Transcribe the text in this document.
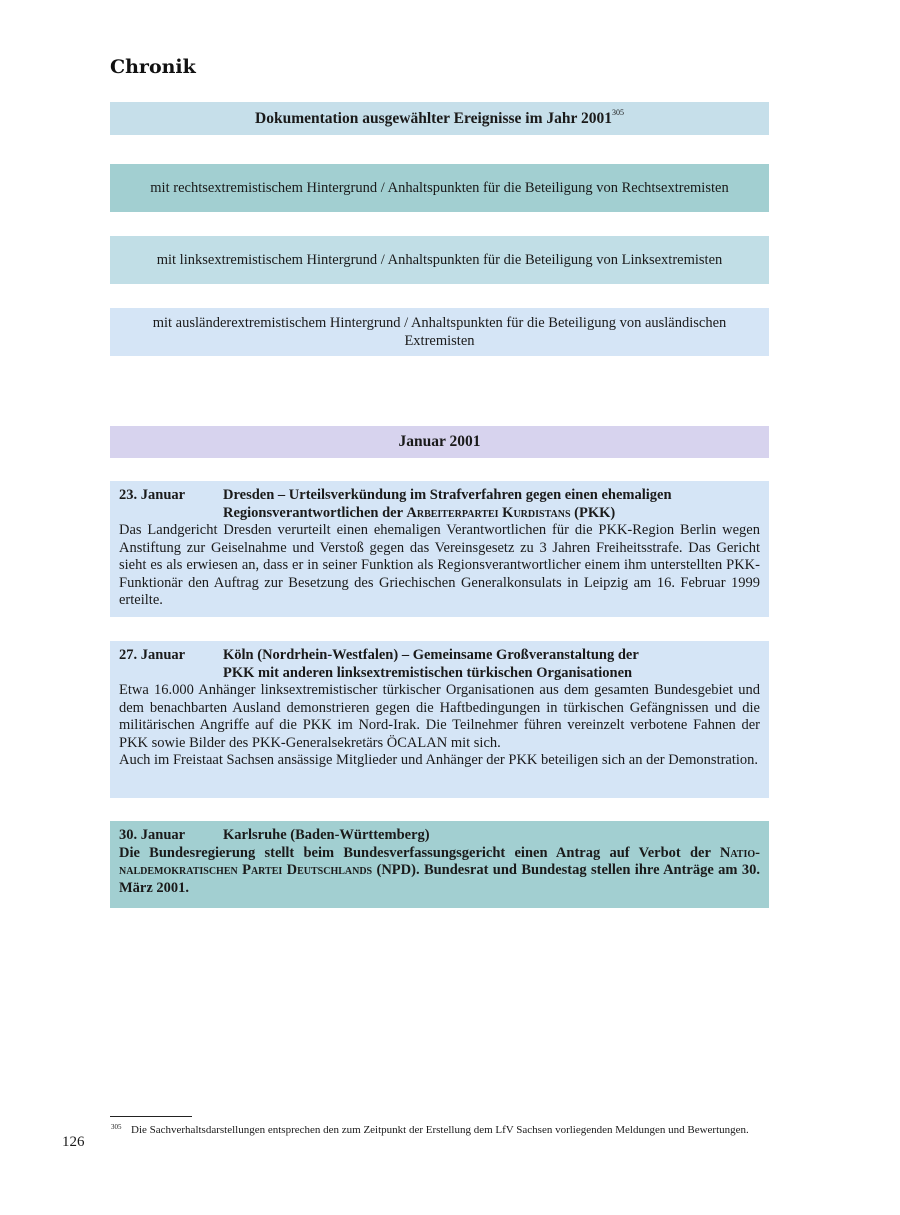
Chronik
Dokumentation ausgewählter Ereignisse im Jahr 2001$^{305}$
mit rechtsextremistischem Hintergrund / Anhaltspunkten für die Beteiligung von Rechtsextremisten
mit linksextremistischem Hintergrund / Anhaltspunkten für die Beteiligung von Linksextremisten
mit ausländerextremistischem Hintergrund / Anhaltspunkten für die Beteiligung von ausländischen Extremisten
Januar 2001
23. Januar	Dresden – Urteilsverkündung im Strafverfahren gegen einen ehemaligen Regionsverantwortlichen der Arbeiterpartei Kurdistans (PKK)

Das Landgericht Dresden verurteilt einen ehemaligen Verantwortlichen für die PKK-Region Berlin wegen Anstiftung zur Geiselnahme und Verstoß gegen das Vereinsgesetz zu 3 Jahren Freiheitsstrafe. Das Gericht sieht es als erwiesen an, dass er in seiner Funktion als Regionsverantwortlicher einem ihm unterstellten PKK-Funktionär den Auftrag zur Besetzung des Griechischen Generalkonsulats in Leipzig am 16. Februar 1999 erteilte.

27. Januar	Köln (Nordrhein-Westfalen) – Gemeinsame Großveranstaltung der
PKK mit anderen linksextremistischen türkischen Organisationen

Etwa 16.000 Anhänger linksextremistischer türkischer Organisationen aus dem gesamten Bundesgebiet und dem benachbarten Ausland demonstrieren gegen die Haftbedingungen in türkischen Gefängnissen und die militärischen Angriffe auf die PKK im Nord-Irak. Die Teilnehmer führen vereinzelt verbotene Fahnen der PKK sowie Bilder des PKK-Generalsekretärs ÖCALAN mit sich.

Auch im Freistaat Sachsen ansässige Mitglieder und Anhänger der PKK beteiligen sich an der Demonstration.

30. Januar	Karlsruhe (Baden-Württemberg)
Die Bundesregierung stellt beim Bundesverfassungsgericht einen Antrag auf Verbot der Nationaldemokratischen Partei Deutschlands (NPD). Bundesrat und Bundestag stellen ihre Anträge am 30. März 2001.
305 Die Sachverhaltsdarstellungen entsprechen den zum Zeitpunkt der Erstellung dem LfV Sachsen vorliegenden Meldungen und Bewertungen.
126
